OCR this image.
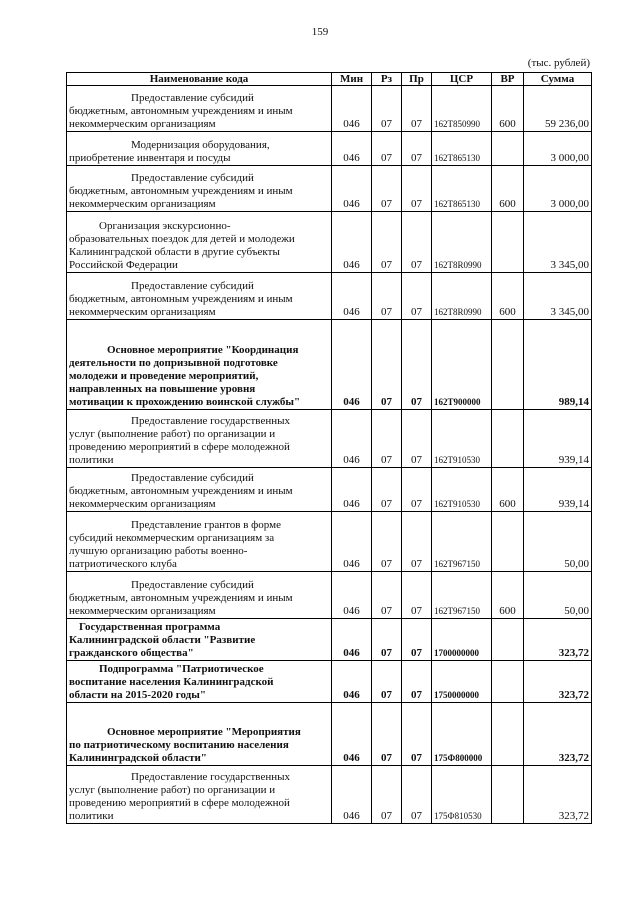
159
(тыс. рублей)
Наименование кода	Мин	Рз	Пр	ЦСР	ВР	Сумма

Предоставление субсидий
бюджетным, автономным учреждениям и иным
некоммерческим организациям	046	07	07	162Т850990	600	59 236,00

Модернизация оборудования,
приобретение инвентаря и посуды	046	07	07	162Т865130		3 000,00

Предоставление субсидий
бюджетным, автономным учреждениям и иным
некоммерческим организациям	046	07	07	162Т865130	600	3 000,00

Организация экскурсионно-
образовательных поездок для детей и молодежи
Калининградской области в другие субъекты
Российской Федерации	046	07	07	162Т8R0990		3 345,00

Предоставление субсидий
бюджетным, автономным учреждениям и иным
некоммерческим организациям	046	07	07	162Т8R0990	600	3 345,00

Основное мероприятие "Координация
деятельности по допризывной подготовке
молодежи и проведение мероприятий,
направленных на повышение уровня
мотивации к прохождению воинской службы"	046	07	07	162Т900000		989,14

Предоставление государственных
услуг (выполнение работ) по организации и
проведению мероприятий в сфере молодежной
политики	046	07	07	162Т910530		939,14

Предоставление субсидий
бюджетным, автономным учреждениям и иным
некоммерческим организациям	046	07	07	162Т910530	600	939,14

Представление грантов в форме
субсидий некоммерческим организациям за
лучшую организацию работы военно-
патриотического клуба	046	07	07	162Т967150		50,00

Предоставление субсидий
бюджетным, автономным учреждениям и иным
некоммерческим организациям	046	07	07	162Т967150	600	50,00

Государственная программа
Калининградской области "Развитие
гражданского общества"	046	07	07	1700000000		323,72

Подпрограмма "Патриотическое
воспитание населения Калининградской
области на 2015-2020 годы"	046	07	07	1750000000		323,72

Основное мероприятие "Мероприятия
по патриотическому воспитанию населения
Калининградской области"	046	07	07	175Ф800000		323,72

Предоставление государственных
услуг (выполнение работ) по организации и
проведению мероприятий в сфере молодежной
политики	046	07	07	175Ф810530		323,72
